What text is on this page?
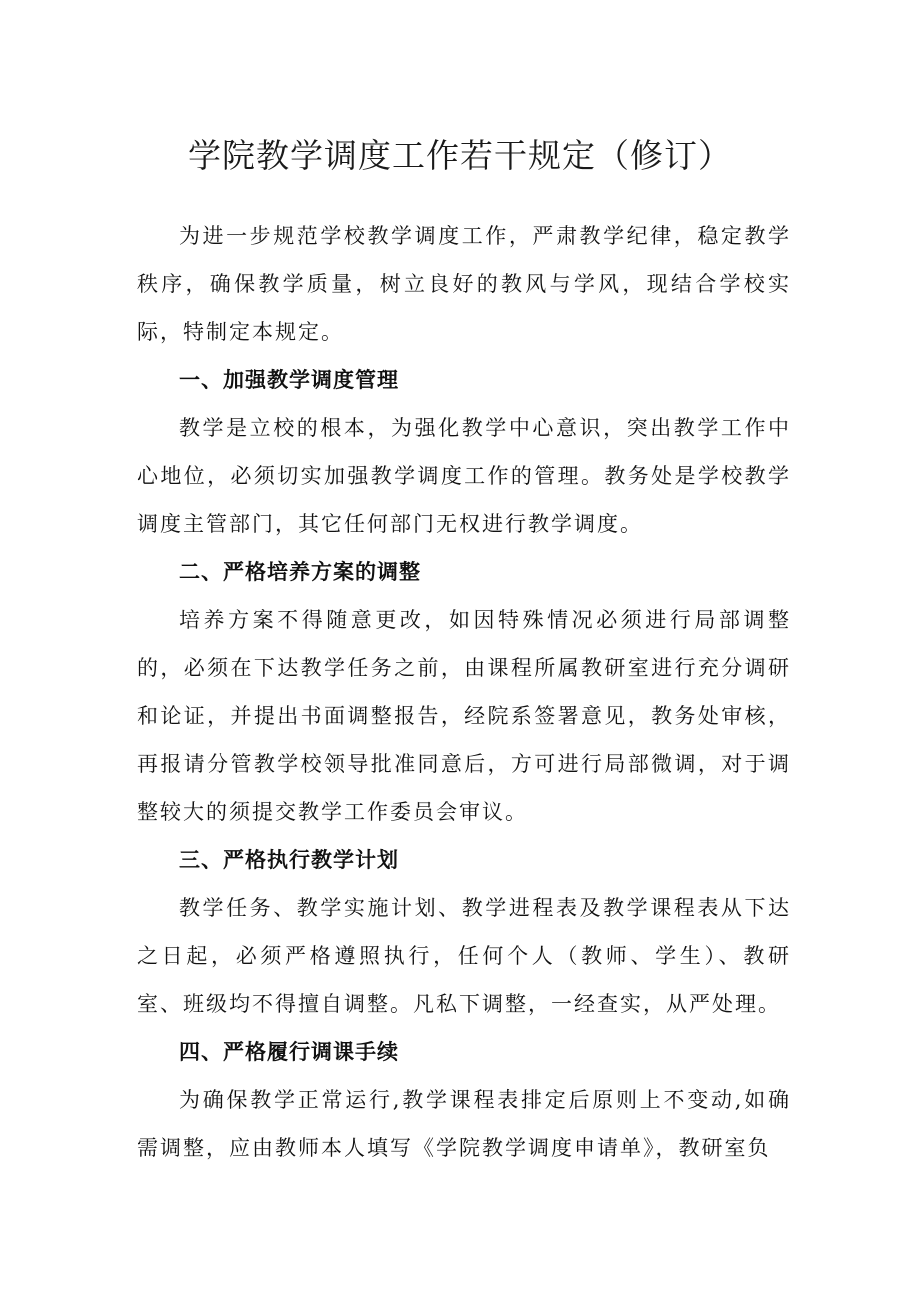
学院教学调度工作若干规定（修订）

为进一步规范学校教学调度工作，严肃教学纪律，稳定教学秩序，确保教学质量，树立良好的教风与学风，现结合学校实际，特制定本规定。

一、加强教学调度管理

教学是立校的根本，为强化教学中心意识，突出教学工作中心地位，必须切实加强教学调度工作的管理。教务处是学校教学调度主管部门，其它任何部门无权进行教学调度。

二、严格培养方案的调整

培养方案不得随意更改，如因特殊情况必须进行局部调整的，必须在下达教学任务之前，由课程所属教研室进行充分调研和论证，并提出书面调整报告，经院系签署意见，教务处审核，再报请分管教学校领导批准同意后，方可进行局部微调，对于调整较大的须提交教学工作委员会审议。

三、严格执行教学计划

教学任务、教学实施计划、教学进程表及教学课程表从下达之日起，必须严格遵照执行，任何个人（教师、学生）、教研室、班级均不得擅自调整。凡私下调整，一经查实，从严处理。

四、严格履行调课手续

为确保教学正常运行,教学课程表排定后原则上不变动,如确需调整，应由教师本人填写《学院教学调度申请单》，教研室负
